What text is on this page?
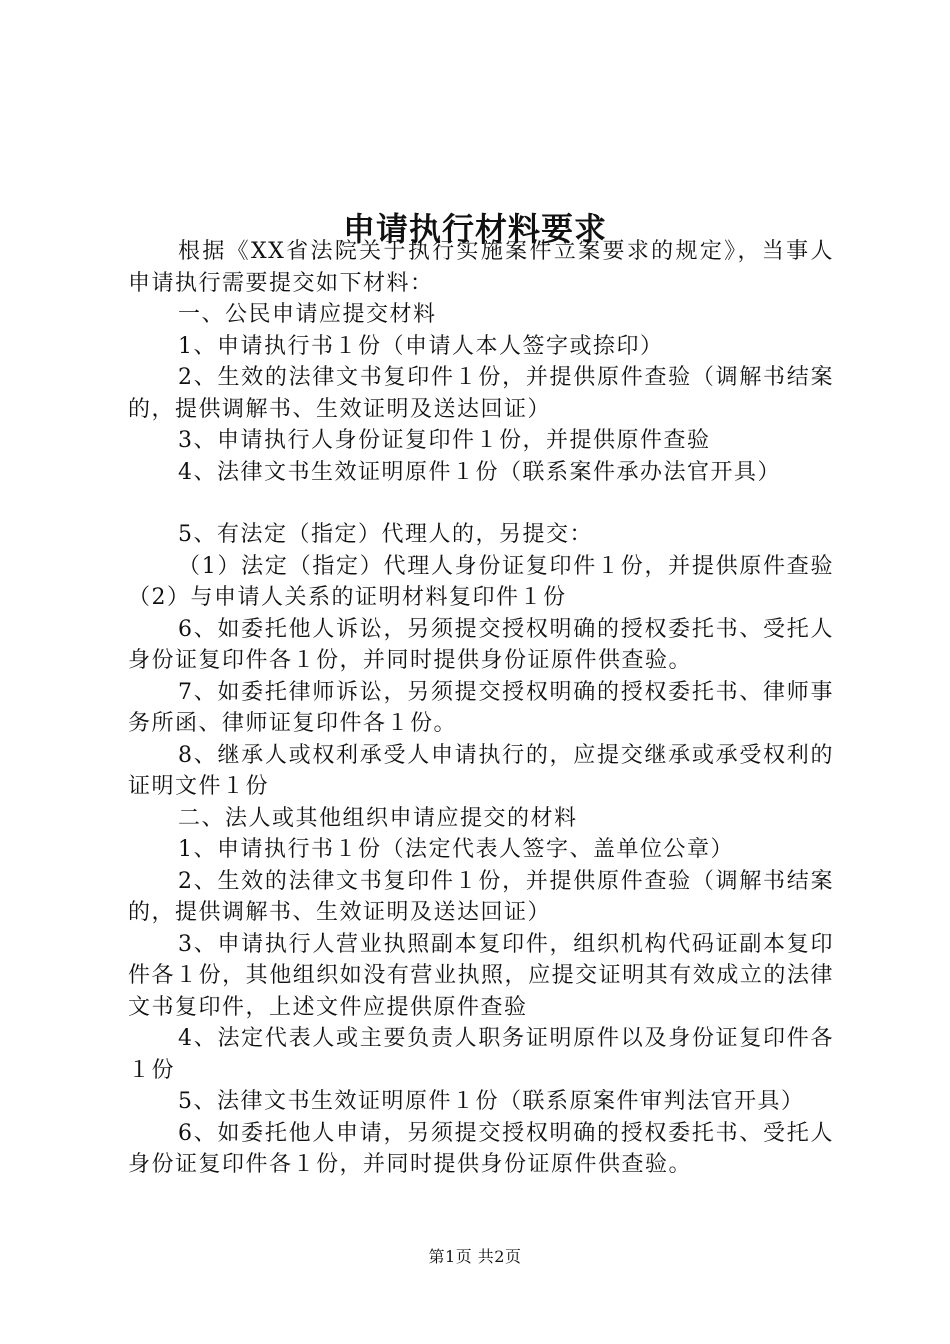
申请执行材料要求

根据《XX省法院关于执行实施案件立案要求的规定》，当事人申请执行需要提交如下材料：

一、公民申请应提交材料

1、申请执行书１份（申请人本人签字或捺印）

2、生效的法律文书复印件１份，并提供原件查验（调解书结案的，提供调解书、生效证明及送达回证）

3、申请执行人身份证复印件１份，并提供原件查验

4、法律文书生效证明原件１份（联系案件承办法官开具）

5、有法定（指定）代理人的，另提交：

（1）法定（指定）代理人身份证复印件１份，并提供原件查验（2）与申请人关系的证明材料复印件１份

6、如委托他人诉讼，另须提交授权明确的授权委托书、受托人身份证复印件各１份，并同时提供身份证原件供查验。

7、如委托律师诉讼，另须提交授权明确的授权委托书、律师事务所函、律师证复印件各１份。

8、继承人或权利承受人申请执行的，应提交继承或承受权利的证明文件１份

二、法人或其他组织申请应提交的材料

1、申请执行书１份（法定代表人签字、盖单位公章）

2、生效的法律文书复印件１份，并提供原件查验（调解书结案的，提供调解书、生效证明及送达回证）

3、申请执行人营业执照副本复印件，组织机构代码证副本复印件各１份，其他组织如没有营业执照，应提交证明其有效成立的法律文书复印件，上述文件应提供原件查验

4、法定代表人或主要负责人职务证明原件以及身份证复印件各１份

5、法律文书生效证明原件１份（联系原案件审判法官开具）

6、如委托他人申请，另须提交授权明确的授权委托书、受托人身份证复印件各１份，并同时提供身份证原件供查验。

第1页 共2页
